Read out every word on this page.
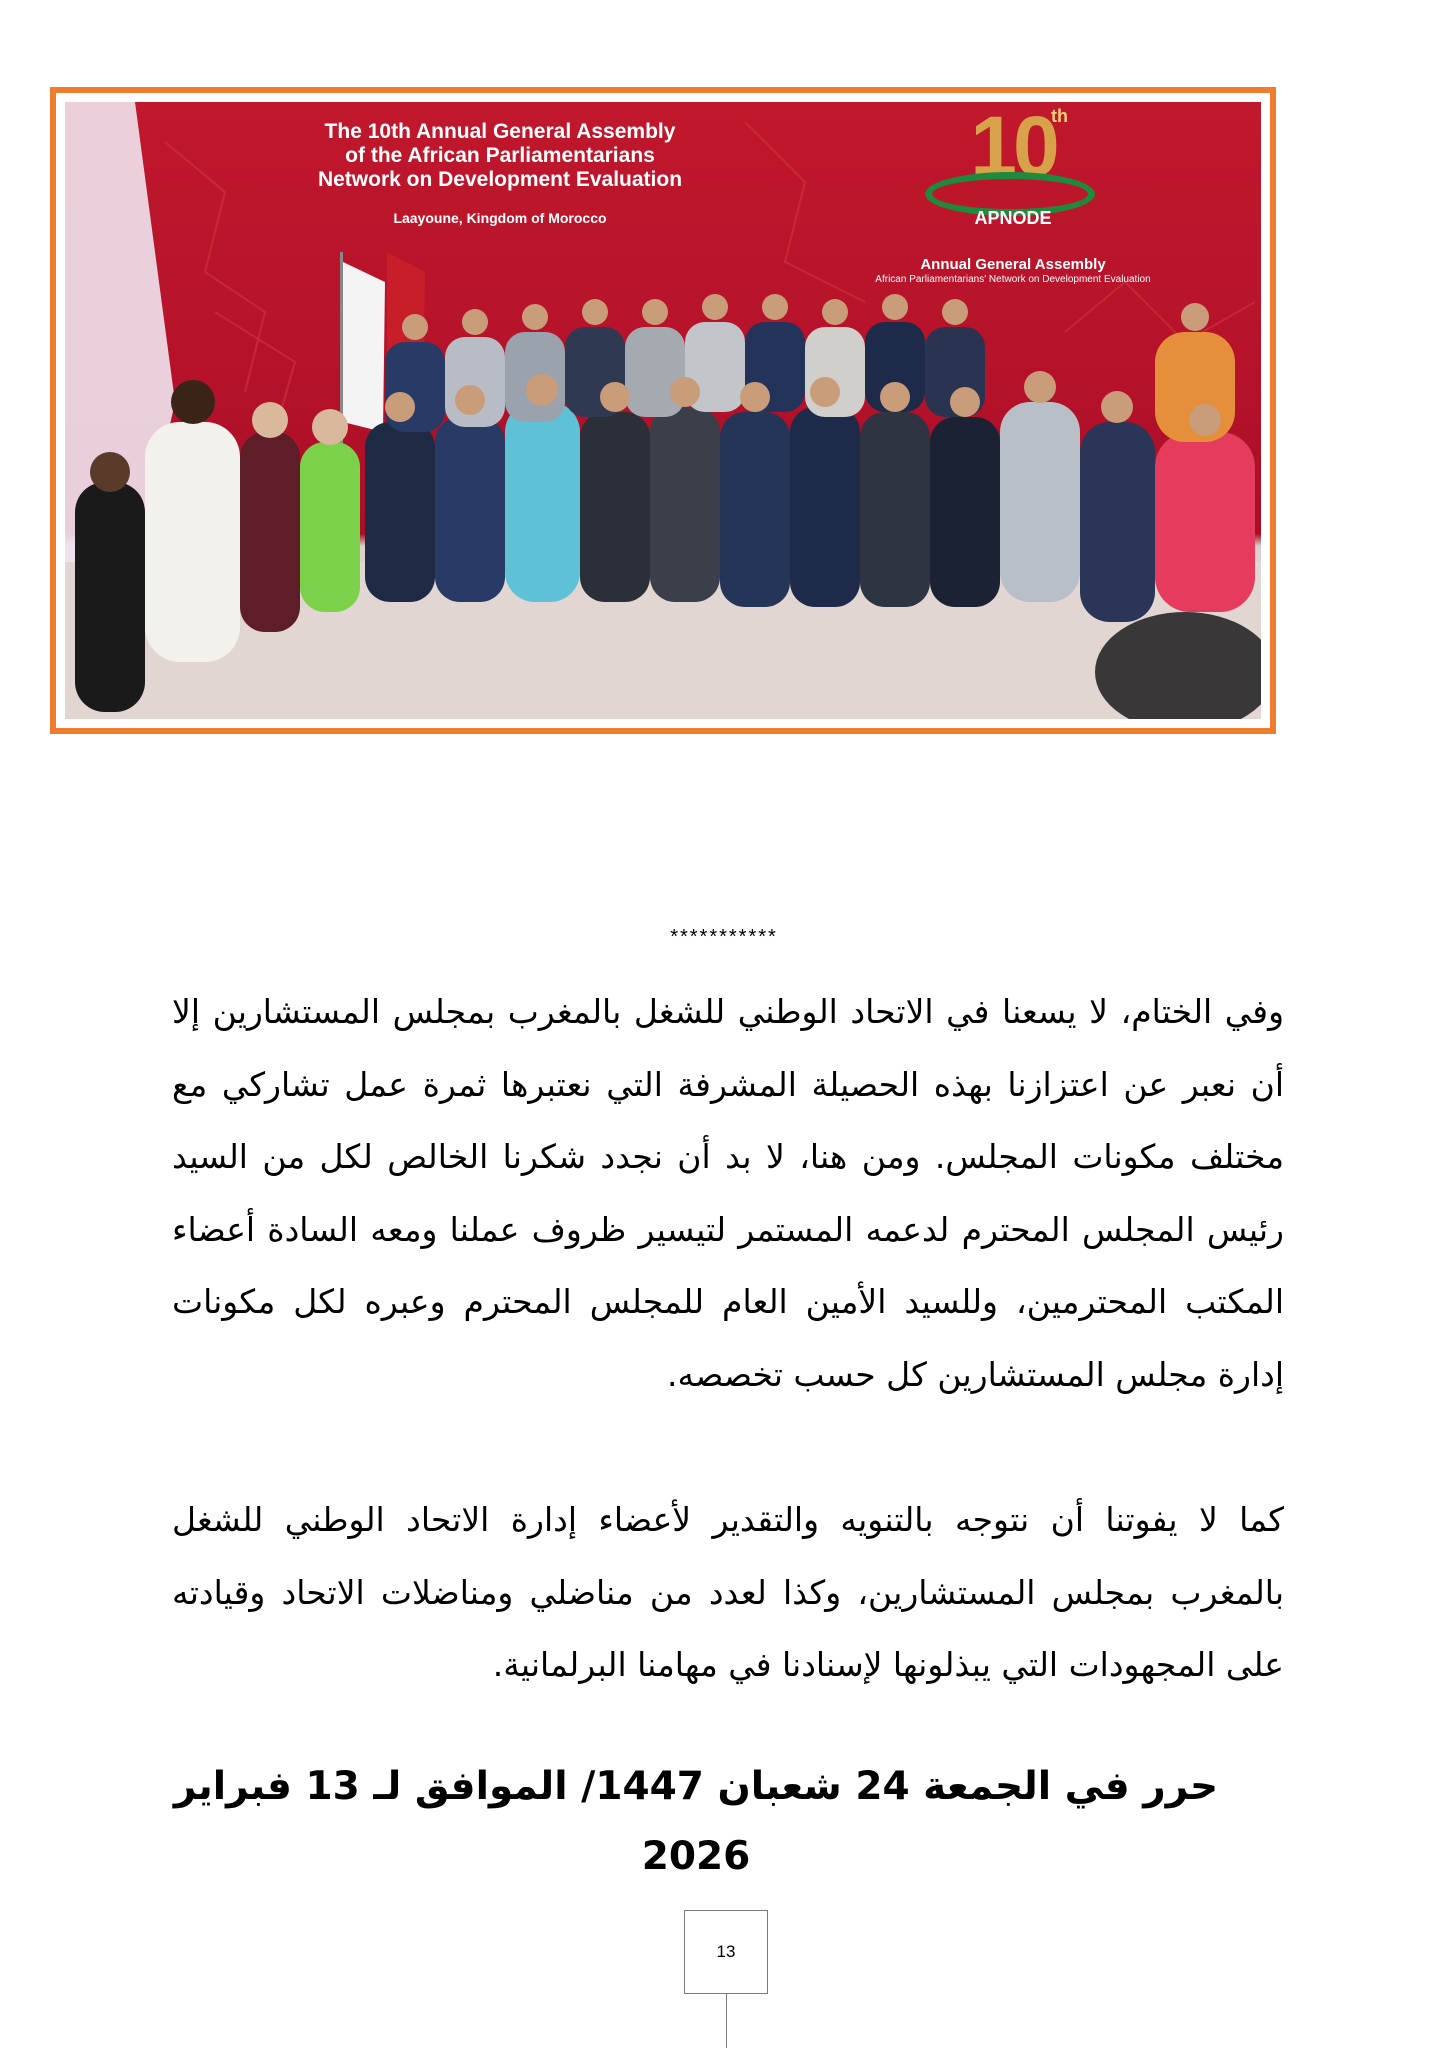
The 10th Annual General Assembly
of the African Parliamentarians
Network on Development Evaluation
Laayoune, Kingdom of Morocco
10
th
APNODE
Annual General Assembly
African Parliamentarians' Network on Development Evaluation
***********
وفي الختام، لا يسعنا في الاتحاد الوطني للشغل بالمغرب بمجلس المستشارين إلا أن نعبر عن اعتزازنا بهذه الحصيلة المشرفة التي نعتبرها ثمرة عمل تشاركي مع مختلف مكونات المجلس. ومن هنا، لا بد أن نجدد شكرنا الخالص لكل من السيد رئيس المجلس المحترم لدعمه المستمر لتيسير ظروف عملنا ومعه السادة أعضاء المكتب المحترمين، وللسيد الأمين العام للمجلس المحترم وعبره لكل مكونات إدارة مجلس المستشارين كل حسب تخصصه.
كما لا يفوتنا أن نتوجه بالتنويه والتقدير لأعضاء إدارة الاتحاد الوطني للشغل بالمغرب بمجلس المستشارين، وكذا لعدد من مناضلي ومناضلات الاتحاد وقيادته على المجهودات التي يبذلونها لإسنادنا في مهامنا البرلمانية.
حرر في الجمعة 24 شعبان 1447/ الموافق لـ 13 فبراير 2026
13
